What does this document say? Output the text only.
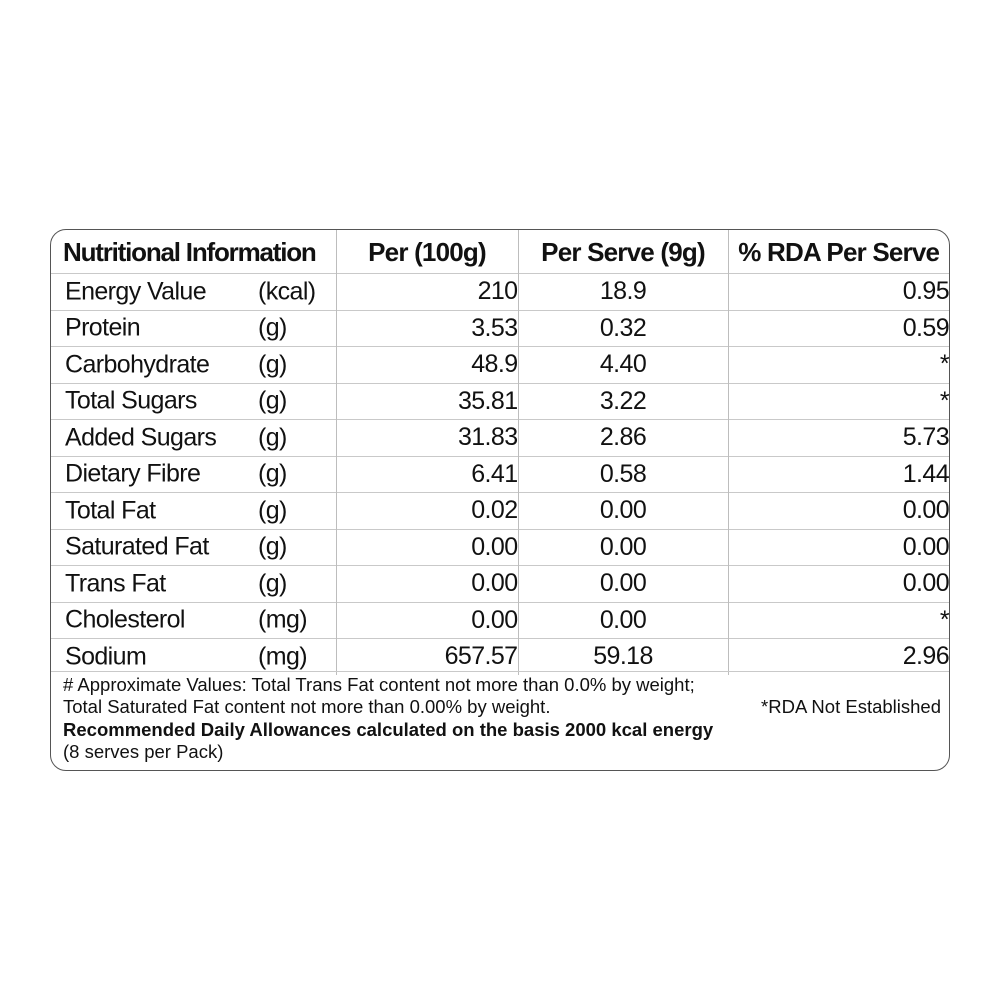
Nutritional Information	Per (100g)	Per Serve (9g)	% RDA Per Serve

Energy Value (kcal)	210	18.9	0.95

Protein (g)	3.53	0.32	0.59

Carbohydrate (g)	48.9	4.40	*

Total Sugars (g)	35.81	3.22	*

Added Sugars (g)	31.83	2.86	5.73

Dietary Fibre (g)	6.41	0.58	1.44

Total Fat (g)	0.02	0.00	0.00

Saturated Fat (g)	0.00	0.00	0.00

Trans Fat (g)	0.00	0.00	0.00

Cholesterol (mg)	0.00	0.00	*

Sodium (mg)	657.57	59.18	2.96
# Approximate Values: Total Trans Fat content not more than 0.0% by weight;
Total Saturated Fat content not more than 0.00% by weight.	*RDA Not Established
Recommended Daily Allowances calculated on the basis 2000 kcal energy
(8 serves per Pack)
